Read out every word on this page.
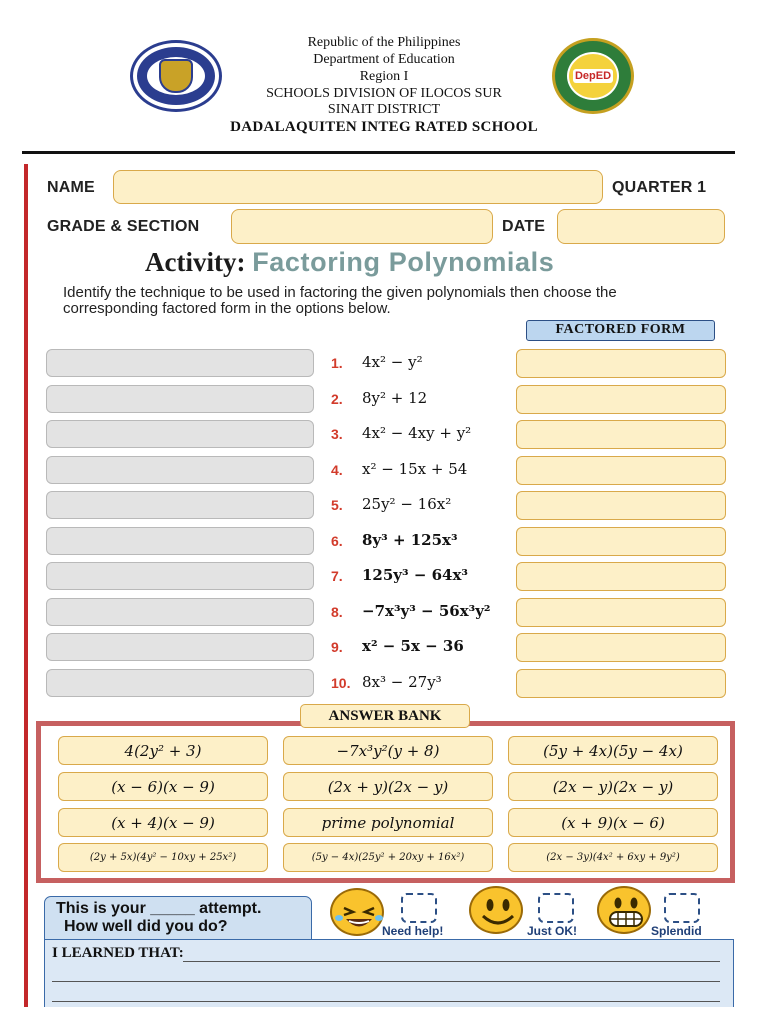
DepED
Republic of the Philippines
Department of Education
Region I
SCHOOLS DIVISION OF ILOCOS SUR
SINAIT DISTRICT
DADALAQUITEN INTEG RATED SCHOOL
NAME	QUARTER 1
GRADE & SECTION	DATE
Activity: Factoring Polynomials
Identify the technique to be used in factoring the given polynomials then choose the corresponding factored form in the options below.
FACTORED FORM
1. 4x² − y²
2. 8y² + 12
3. 4x² − 4xy + y²
4. x² − 15x + 54
5. 25y² − 16x²
6. 8y³ + 125x³
7. 125y³ − 64x³
8. −7x³y³ − 56x³y²
9. x² − 5x − 36
10. 8x³ − 27y³
ANSWER BANK
4(2y² + 3)	−7x³y²(y + 8)	(5y + 4x)(5y − 4x)
(x − 6)(x − 9)	(2x + y)(2x − y)	(2x − y)(2x − y)
(x + 4)(x − 9)	prime polynomial	(x + 9)(x − 6)
(2y + 5x)(4y² − 10xy + 25x²)	(5y − 4x)(25y² + 20xy + 16x²)	(2x − 3y)(4x² + 6xy + 9y²)
This is your _____ attempt.
How well did you do?	Need help!	Just OK!	Splendid
I LEARNED THAT:
